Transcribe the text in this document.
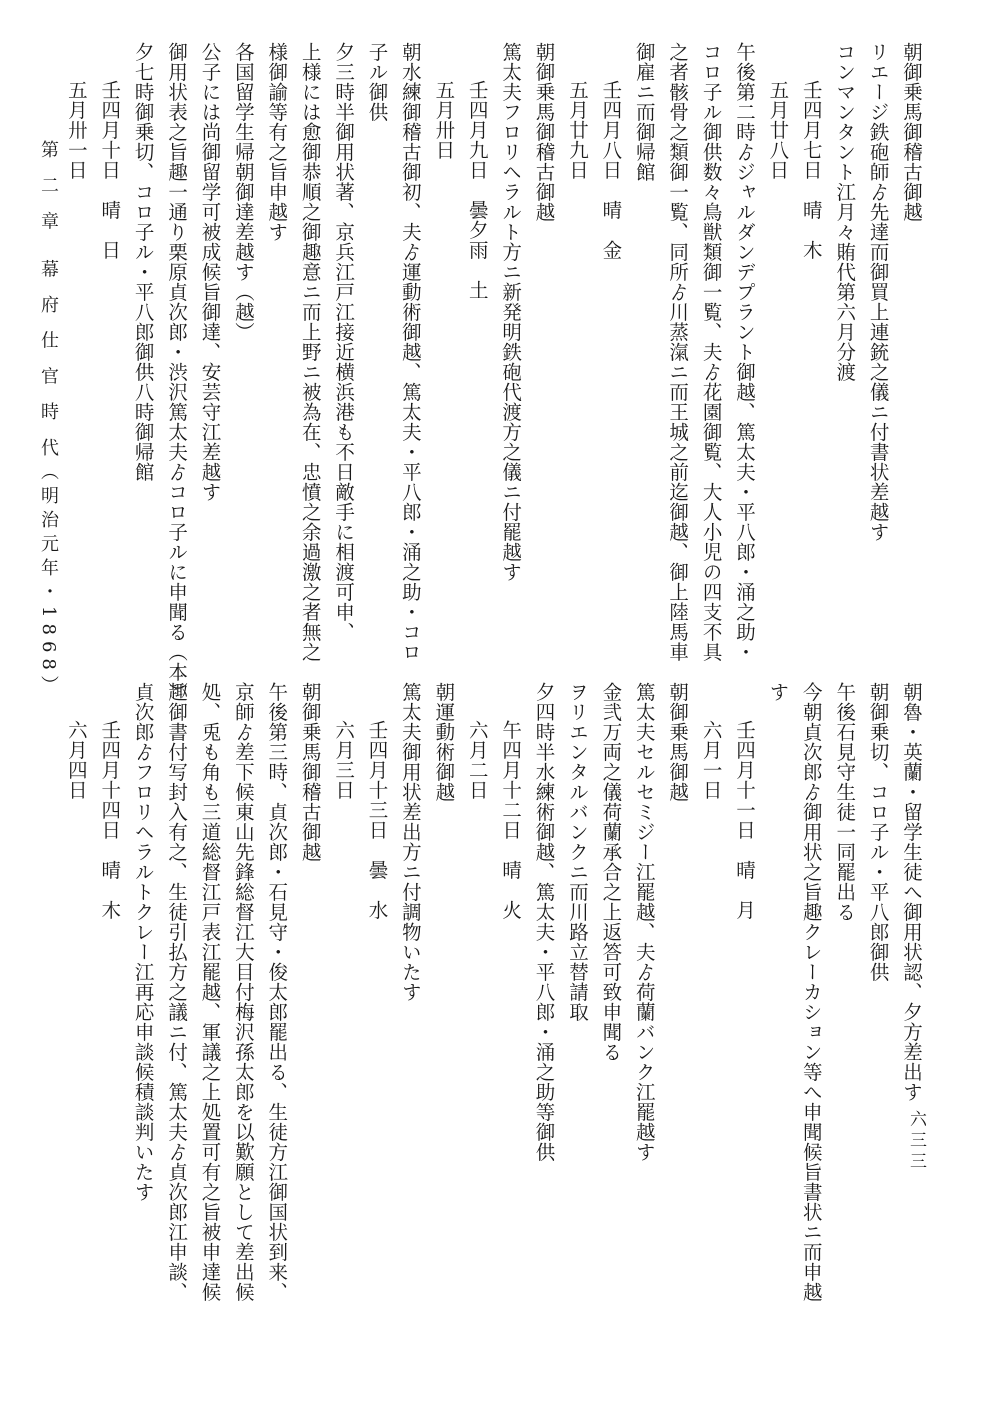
朝御乗馬御稽古御越
リエージ鉄砲師ゟ先達而御買上連銃之儀ニ付書状差越す
コンマンタント江月々賄代第六月分渡
壬四月七日　晴　木
五月廿八日
午後第二時ゟジャルダンデプラント御越、篤太夫・平八郎・涌之助・
コロ子ル御供数々鳥獣類御一覧、夫ゟ花園御覧、大人小児の四支不具
之者骸骨之類御一覧、同所ゟ川蒸滊ニ而王城之前迄御越、御上陸馬車
御雇ニ而御帰館
壬四月八日　晴　金
五月廿九日
朝御乗馬御稽古御越
篤太夫フロリヘラルト方ニ新発明鉄砲代渡方之儀ニ付罷越す
壬四月九日　曇夕雨　土
五月卅日
朝水練御稽古御初、夫ゟ運動術御越、篤太夫・平八郎・涌之助・コロ
子ル御供
夕三時半御用状著、京兵江戸江接近横浜港も不日敵手に相渡可申、
上様には愈御恭順之御趣意ニ而上野ニ被為在、忠憤之余過激之者無之
様御諭等有之旨申越す
各国留学生帰朝御達差越す（越）
公子には尚御留学可被成候旨御達、安芸守江差越す
御用状表之旨趣一通り栗原貞次郎・渋沢篤太夫ゟコロ子ルに申聞る（本）
夕七時御乗切、コロ子ル・平八郎御供八時御帰館
壬四月十日　晴　日
五月卅一日
朝魯・英蘭・留学生徒へ御用状認、夕方差出す
朝御乗切、コロ子ル・平八郎御供
午後石見守生徒一同罷出る
今朝貞次郎ゟ御用状之旨趣クレーカション等へ申聞候旨書状ニ而申越
す
壬四月十一日　晴　月
六月一日
朝御乗馬御越
篤太夫セルセミジー江罷越、夫ゟ荷蘭バンク江罷越す
金弐万両之儀荷蘭承合之上返答可致申聞る
ヲリエンタルバンクニ而川路立替請取
夕四時半水練術御越、篤太夫・平八郎・涌之助等御供
午四月十二日　晴　火
六月二日
朝運動術御越
篤太夫御用状差出方ニ付調物いたす
壬四月十三日　曇　水
六月三日
朝御乗馬御稽古御越
午後第三時、貞次郎・石見守・俊太郎罷出る、生徒方江御国状到来、
京師ゟ差下候東山先鋒総督江大目付梅沢孫太郎を以歎願として差出候
処、兎も角も三道総督江戸表江罷越、軍議之上処置可有之旨被申達候
趣御書付写封入有之、生徒引払方之議ニ付、篤太夫ゟ貞次郎江申談、
貞次郎ゟフロリヘラルトクレー江再応申談候積談判いたす
壬四月十四日　晴　木
六月四日
第 二 章　幕 府 仕 官 時 代（明治元年・1868）
六三三
